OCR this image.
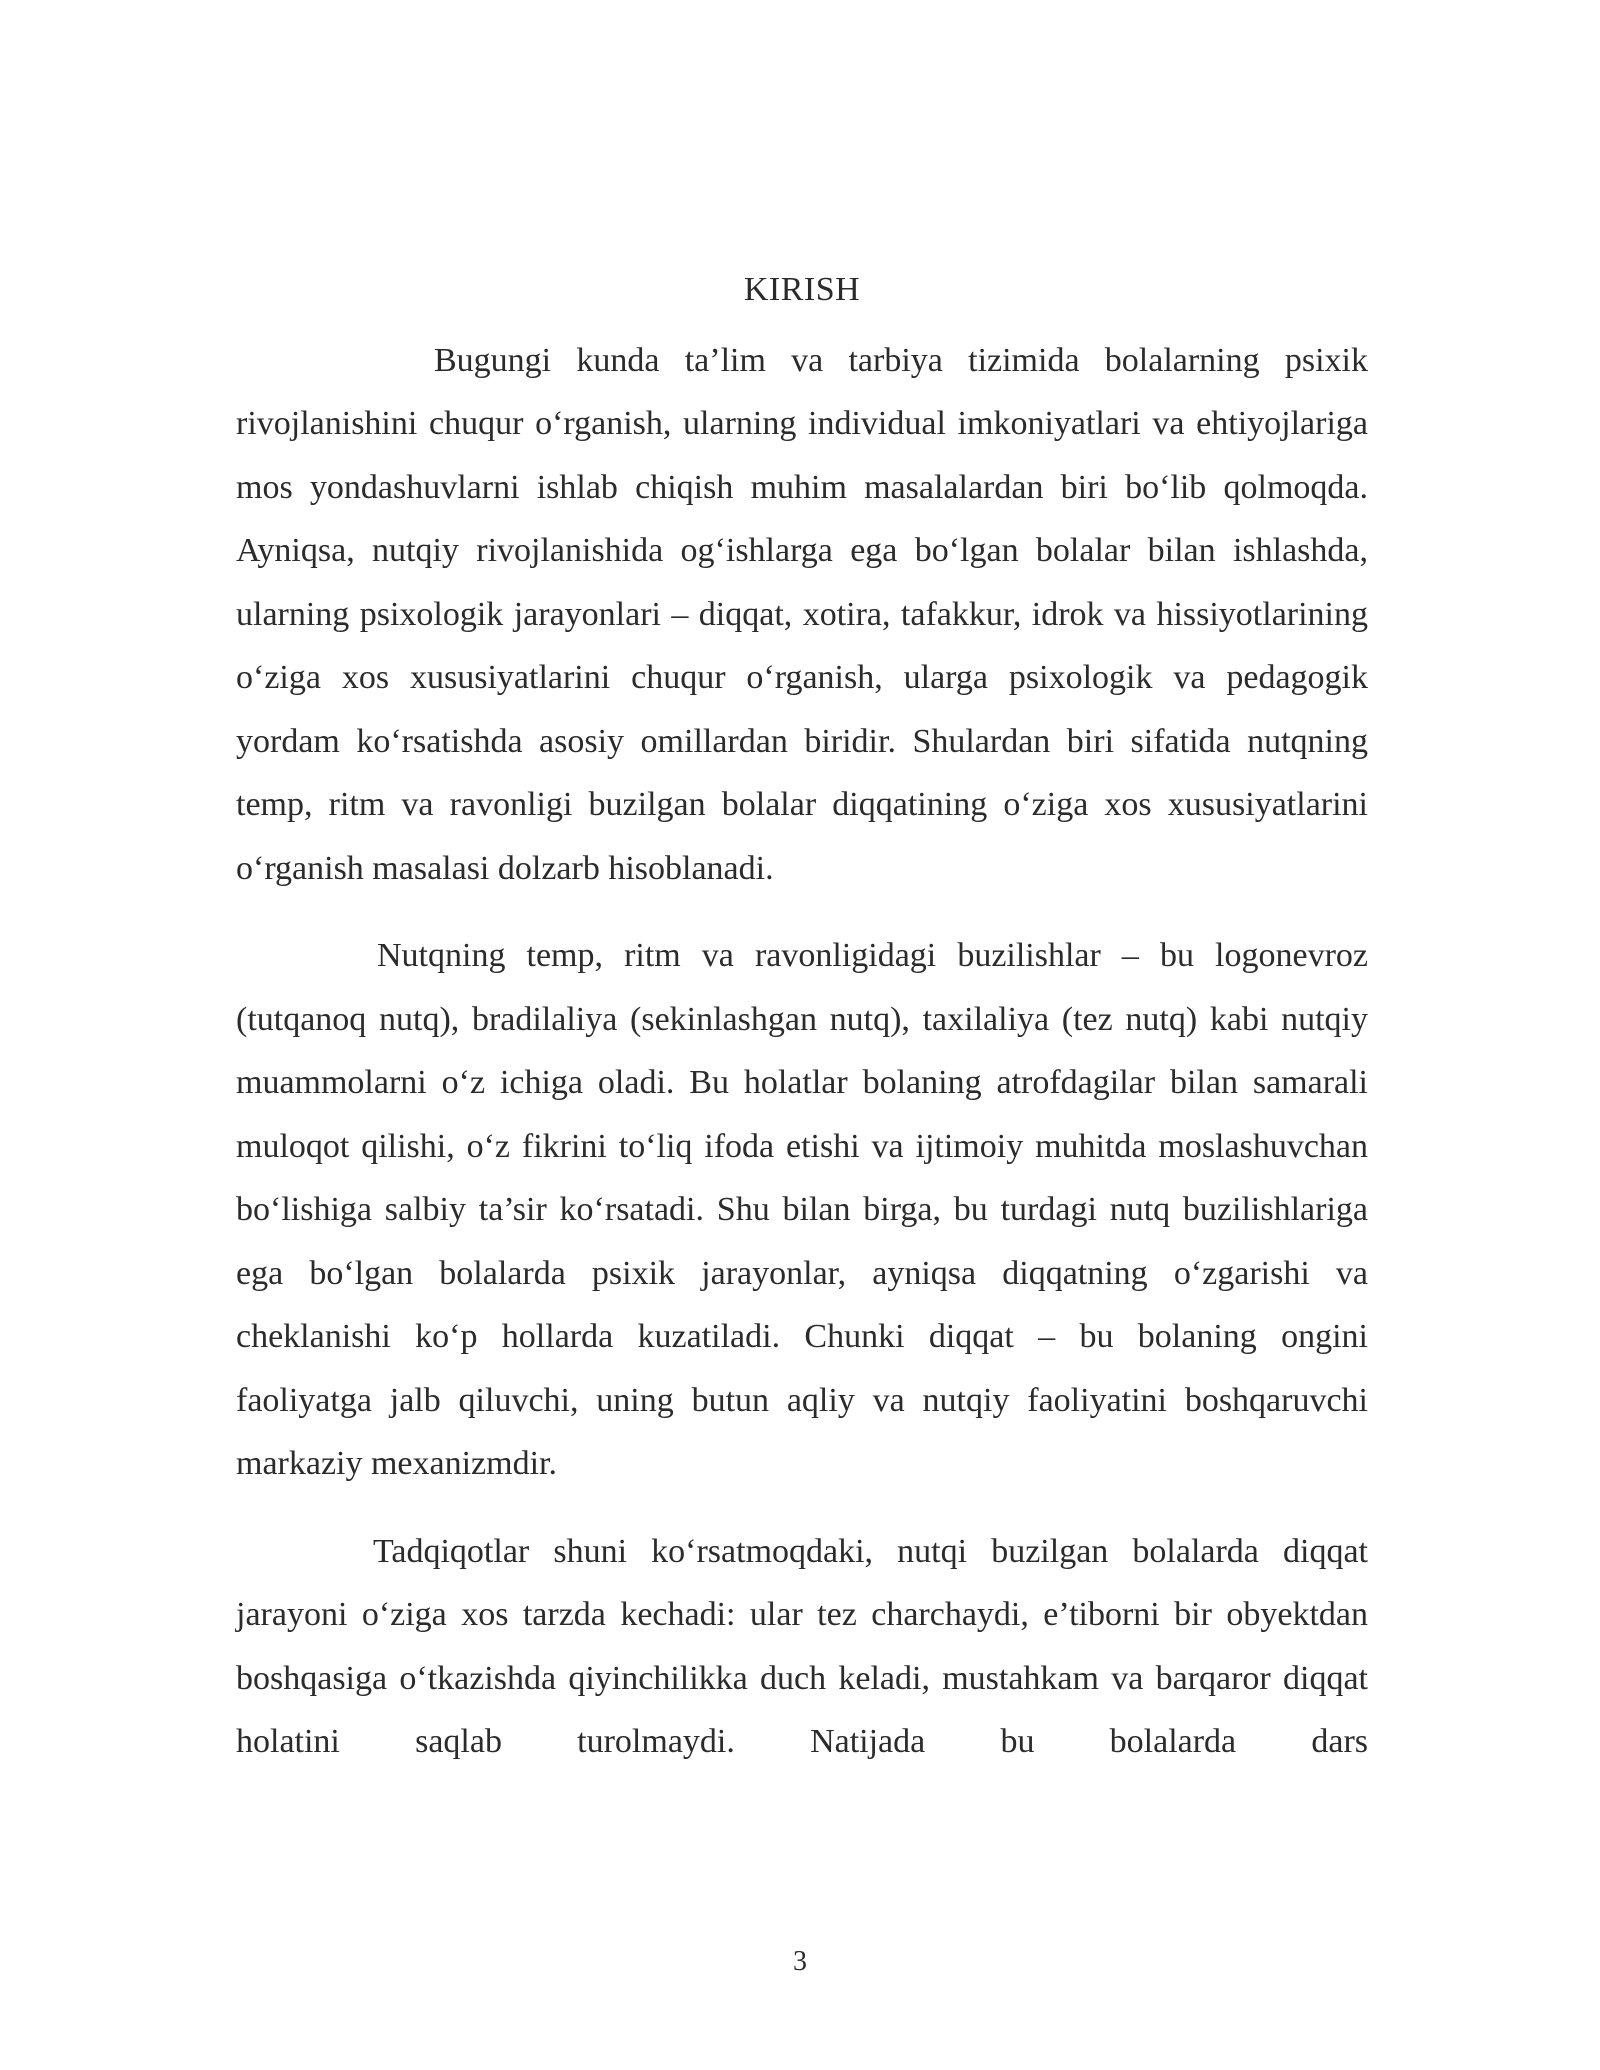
KIRISH

Bugungi kunda ta’lim va tarbiya tizimida bolalarning psixik rivojlanishini chuqur o‘rganish, ularning individual imkoniyatlari va ehtiyojlariga mos yondashuvlarni ishlab chiqish muhim masalalardan biri bo‘lib qolmoqda. Ayniqsa, nutqiy rivojlanishida og‘ishlarga ega bo‘lgan bolalar bilan ishlashda, ularning psixologik jarayonlari – diqqat, xotira, tafakkur, idrok va hissiyotlarining o‘ziga xos xususiyatlarini chuqur o‘rganish, ularga psixologik va pedagogik yordam ko‘rsatishda asosiy omillardan biridir. Shulardan biri sifatida nutqning temp, ritm va ravonligi buzilgan bolalar diqqatining o‘ziga xos xususiyatlarini o‘rganish masalasi dolzarb hisoblanadi.

Nutqning temp, ritm va ravonligidagi buzilishlar – bu logonevroz (tutqanoq nutq), bradilaliya (sekinlashgan nutq), taxilaliya (tez nutq) kabi nutqiy muammolarni o‘z ichiga oladi. Bu holatlar bolaning atrofdagilar bilan samarali muloqot qilishi, o‘z fikrini to‘liq ifoda etishi va ijtimoiy muhitda moslashuvchan bo‘lishiga salbiy ta’sir ko‘rsatadi. Shu bilan birga, bu turdagi nutq buzilishlariga ega bo‘lgan bolalarda psixik jarayonlar, ayniqsa diqqatning o‘zgarishi va cheklanishi ko‘p hollarda kuzatiladi. Chunki diqqat – bu bolaning ongini faoliyatga jalb qiluvchi, uning butun aqliy va nutqiy faoliyatini boshqaruvchi markaziy mexanizmdir.

Tadqiqotlar shuni ko‘rsatmoqdaki, nutqi buzilgan bolalarda diqqat jarayoni o‘ziga xos tarzda kechadi: ular tez charchaydi, e’tiborni bir obyektdan boshqasiga o‘tkazishda qiyinchilikka duch keladi, mustahkam va barqaror diqqat holatini saqlab turolmaydi. Natijada bu bolalarda dars

3
